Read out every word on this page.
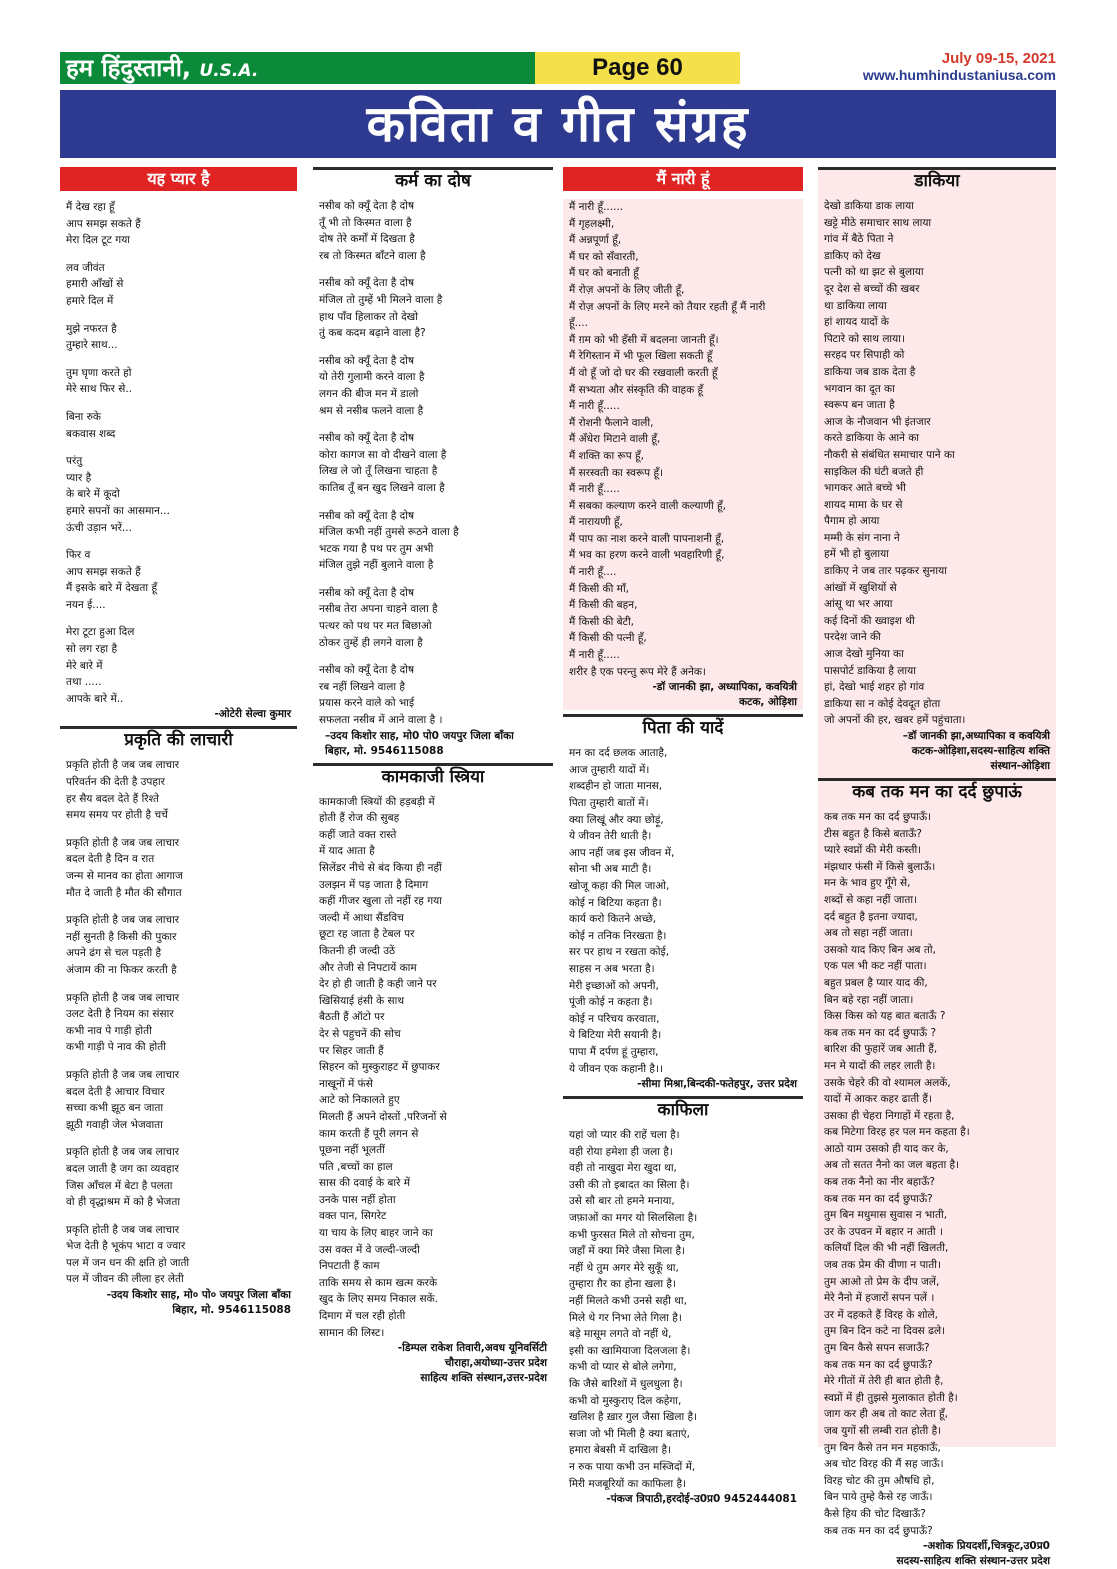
हम हिंदुस्तानी, U.S.A.	Page 60	July 09-15, 2021
www.humhindustaniusa.com
कविता व गीत संग्रह
यह प्यार है
मैं देख रहा हूँ
आप समझ सकते हैं
मेरा दिल टूट गया
लव जीवंत
हमारी आँखों से
हमारे दिल में
मुझे नफरत है
तुम्हारे साथ...
तुम घृणा करते हो
मेरे साथ फिर से..
बिना रुके
बकवास शब्द
परंतु
प्यार है
के बारे में कूदो
हमारे सपनों का आसमान...
ऊंची उड़ान भरें...
फिर व
आप समझ सकते हैं
मैं इसके बारे में देखता हूँ
नयन ई....
मेरा टूटा हुआ दिल
सो लग रहा है
मेरे बारे में
तथा .....
आपके बारे में..
-ओटेरी सेल्वा कुमार
प्रकृति की लाचारी
प्रकृति होती है जब जब लाचार
परिवर्तन की देती है उपहार
हर सैय बदल देते हैं रिश्ते
समय समय पर होती है चर्चे
प्रकृति होती है जब जब लाचार
बदल देती है दिन व रात
जन्म से मानव का होता आगाज
मौत दे जाती है मौत की सौगात
प्रकृति होती है जब जब लाचार
नहीं सुनती है किसी की पुकार
अपने ढंग से चल पड़ती है
अंजाम की ना फिकर करती है
प्रकृति होती है जब जब लाचार
उलट देती है नियम का संसार
कभी नाव पे गाड़ी होती
कभी गाड़ी पे नाव की होती
प्रकृति होती है जब जब लाचार
बदल देती है आचार विचार
सच्चा कभी झूठ बन जाता
झूठी गवाही जेल भेजवाता
प्रकृति होती है जब जब लाचार
बदल जाती है जग का व्यवहार
जिस आँचल में बेटा है पलता
वो ही वृद्धाश्रम में को है भेजता
प्रकृति होती है जब जब लाचार
भेज देती है भूकंप भाटा व ज्वार
पल में जन धन की क्षति हो जाती
पल में जीवन की लीला हर लेती
-उदय किशोर साह, मो० पो० जयपुर जिला बाँका
बिहार, मो. 9546115088
कर्म का दोष
नसीब को क्यूँ देता है दोष
तूँ भी तो किस्मत वाला है
दोष तेरे कर्मों में दिखता है
रब तो किस्मत बाँटने वाला है
नसीब को क्यूँ देता है दोष
मंजिल तो तुम्हें भी मिलने वाला है
हाथ पाँव हिलाकर तो देखो
तुं कब कदम बढ़ाने वाला है?
नसीब को क्यूँ देता है दोष
यो तेरी गुलामी करने वाला है
लगन की बीज मन में डालो
श्रम से नसीब फलने वाला है
नसीब को क्यूँ देता है दोष
कोरा कागज सा वो दीखने वाला है
लिख ले जो तूँ लिखना चाहता है
कातिब तूँ बन खुद लिखने वाला है
नसीब को क्यूँ देता है दोष
मंजिल कभी नहीं तुमसे रूठने वाला है
भटक गया है पथ पर तुम अभी
मंजिल तुझे नहीं बुलाने वाला है
नसीब को क्यूँ देता है दोष
नसीब तेरा अपना चाहने वाला है
पत्थर को पथ पर मत बिछाओ
ठोकर तुम्हें ही लगने वाला है
नसीब को क्यूँ देता है दोष
रब नहीं लिखने वाला है
प्रयास करने वाले को भाई
सफलता नसीब में आने वाला है ।
–उदय किशोर साह, मो0 पो0 जयपुर जिला बाँका
बिहार, मो. 9546115088
कामकाजी स्त्रिया
कामकाजी स्त्रियों की हड़बड़ी में
होती हैं रोज की सुबह
कहीं जाते वक्त रास्ते
में याद आता है
सिलेंडर नीचे से बंद किया ही नहीं
उलझन में पड़ जाता है दिमाग
कहीं गीजर खुला तो नहीं रह गया
जल्दी में आधा सैंडविच
छूटा रह जाता है टेबल पर
कितनी ही जल्दी उठें
और तेजी से निपटायें काम
देर हो ही जाती है कही जाने पर
खिसियाई हंसी के साथ
बैठती हैं ऑटो पर
देर से पहुचनें की सोच
पर सिहर जाती हैं
सिहरन को मुस्कुराहट में छुपाकर
नाखूनों में फंसे
आटे को निकालते हुए
मिलती हैं अपने दोस्तों ,परिजनों से
काम करती हैं पूरी लगन से
पूछना नहीं भूलतीं
पति ,बच्चों का हाल
सास की दवाई के बारे में
उनके पास नहीं होता
वक्त पान, सिगरेट
या चाय के लिए बाहर जाने का
उस वक्त में वे जल्दी-जल्दी
निपटाती हैं काम
ताकि समय से काम खत्म करके
खुद के लिए समय निकाल सकें.
दिमाग में चल रही होती
सामान की लिस्ट।
-डिम्पल राकेश तिवारी,अवध यूनिवर्सिटी
चौराहा,अयोध्या-उत्तर प्रदेश
साहित्य शक्ति संस्थान,उत्तर-प्रदेश
मैं नारी हूं
मैं नारी हूँ......
मैं गृहलक्ष्मी,
मैं अन्नपूर्णा हूँ,
मैं घर को सँवारती,
मैं घर को बनाती हूँ
मैं रोज़ अपनों के लिए जीती हूँ,
मैं रोज़ अपनों के लिए मरने को तैयार रहती हूँ मैं नारी
हूँ....
मैं ग़म को भी हँसी में बदलना जानती हूँ।
मैं रेगिस्तान में भी फूल खिला सकती हूँ
मैं वो हूँ जो दो घर की रखवाली करती हूँ
मैं सभ्यता और संस्कृति की वाहक हूँ
मैं नारी हूँ.....
मैं रोशनी फैलाने वाली,
मैं अँधेरा मिटाने वाली हूँ,
मैं शक्ति का रूप हूँ,
मैं सरस्वती का स्वरूप हूँ।
मैं नारी हूँ.....
मैं सबका कल्याण करने वाली कल्याणी हूँ,
मैं नारायणी हूँ,
मैं पाप का नाश करने वाली पापनाशनी हूँ,
मैं भव का हरण करने वाली भवहारिणी हूँ,
मैं नारी हूँ....
मैं किसी की माँ,
मैं किसी की बहन,
मैं किसी की बेटी,
मैं किसी की पत्नी हूँ,
मैं नारी हूँ.....
शरीर है एक परन्तु रूप मेरे हैं अनेक।
-डॉ जानकी झा, अध्यापिका, कवयित्री
कटक, ओड़िशा
पिता की यादें
मन का दर्द छलक आताहै,
आज तुम्हारी यादों में।
शब्दहीन हो जाता मानस,
पिता तुम्हारी बातों में।
क्या लिखूं और क्या छोड़ूं,
ये जीवन तेरी थाती है।
आप नहीं जब इस जीवन में,
सोना भी अब माटी है।
खोजू कहा की मिल जाओ,
कोई न बिटिया कहता है।
कार्य करो कितने अच्छे,
कोई न तनिक निरखता है।
सर पर हाथ न रखता कोई,
साहस न अब भरता है।
मेरी इच्छाओं को अपनी,
पूंजी कोई न कहता है।
कोई न परिचय करवाता,
ये बिटिया मेरी सयानी है।
पापा मैं दर्पण हूं तुम्हारा,
ये जीवन एक कहानी है।।
-सीमा मिश्रा,बिन्दकी-फतेहपुर, उत्तर प्रदेश
काफिला
यहां जो प्यार की राहें चला है।
वही रोया हमेशा ही जला है।
वही तो नाखुदा मेरा खुदा था,
उसी की तो इबादत का सिला है।
उसे सौ बार तो हमने मनाया,
जफ़ाओं का मगर यो सिलसिला है।
कभी फुरसत मिले तो सोचना तुम,
जहाँ में क्या मिरे जैसा मिला है।
नहीं थे तुम अगर मेरे सुकूँ था,
तुम्हारा ग़ैर का होना खला है।
नहीं मिलते कभी उनसे सही था,
मिले थे गर निभा लेते गिला है।
बड़े मासूम लगते वो नहीं थे,
इसी का खामियाजा दिलजला है।
कभी वो प्यार से बोले लगेगा,
कि जैसे बारिशों में धुलधुला है।
कभी वो मुस्कुराए दिल कहेगा,
खलिश है ख़ार गुल जैसा खिला है।
सजा जो भी मिली है क्या बताएं,
हमारा बेबसी में दाखिला है।
न रुक पाया कभी उन मस्जिदों में,
मिरी मजबूरियों का काफिला है।
-पंकज त्रिपाठी,हरदोई-उ0प्र0 9452444081
डाकिया
देखो डाकिया डाक लाया
खट्टे मीठे समाचार साथ लाया
गांव में बैठे पिता ने
डाकिए को देख
पत्नी को था झट से बुलाया
दूर देश से बच्चों की खबर
था डाकिया लाया
हां शायद यादों के
पिटारे को साथ लाया।
सरहद पर सिपाही को
डाकिया जब डाक देता है
भगवान का दूत का
स्वरूप बन जाता है
आज के नौजवान भी इंतजार
करते डाकिया के आने का
नौकरी से संबंधित समाचार पाने का
साइकिल की घंटी बजते ही
भागकर आते बच्चे भी
शायद मामा के घर से
पैगाम हो आया
मम्मी के संग नाना ने
हमें भी हो बुलाया
डाकिए ने जब तार पढ़कर सुनाया
आंखों में खुशियों से
आंसू था भर आया
कई दिनों की ख्वाइश थी
परदेश जाने की
आज देखो मुनिया का
पासपोर्ट डाकिया है लाया
हां, देखो भाई शहर हो गांव
डाकिया सा न कोई देवदूत होता
जो अपनों की हर, खबर हमें पहुंचाता।
–डॉ जानकी झा,अध्यापिका व कवयित्री
कटक-ओड़िशा,सदस्य-साहित्य शक्ति
संस्थान-ओड़िशा
कब तक मन का दर्द छुपाऊं
कब तक मन का दर्द छुपाऊँ।
टीस बहुत है किसे बताऊँ?
प्यारे स्वप्नों की मेरी कस्ती।
मंझधार फंसी में किसे बुलाऊँ।
मन के भाव हुए गूँगे से,
शब्दों से कहा नहीं जाता।
दर्द बहुत है इतना ज्यादा,
अब तो सहा नहीं जाता।
उसको याद किए बिन अब तो,
एक पल भी कट नहीं पाता।
बहुत प्रबल है प्यार याद की,
बिन बहे रहा नहीं जाता।
किस किस को यह बात बताऊँ ?
कब तक मन का दर्द छुपाऊँ ?
बारिश की फुहारें जब आती हैं,
मन मे यादों की लहर लाती है।
उसके चेहरे की वो श्यामल अलकें,
यादों में आकर कहर ढाती हैं।
उसका ही चेहरा निगाहों में रहता है,
कब मिटेगा विरह हर पल मन कहता है।
आठो याम उसको ही याद कर के,
अब तो सतत नैनो का जल बहता है।
कब तक नैनो का नीर बहाऊँ?
कब तक मन का दर्द छुपाऊँ?
तुम बिन मधुमास सुवास न भाती,
उर के उपवन में बहार न आती ।
कलियाँ दिल की भी नहीं खिलती,
जब तक प्रेम की वीणा न पाती।
तुम आओ तो प्रेम के दीप जलें,
मेरे नैनो में हजारों सपन पलें ।
उर में दहकते हैं विरह के शोले,
तुम बिन दिन कटे ना दिवस ढले।
तुम बिन कैसे सपन सजाऊँ?
कब तक मन का दर्द छुपाऊँ?
मेरे गीतों में तेरी ही बात होती है,
स्वप्नों में ही तुझसे मुलाकात होती है।
जाग कर ही अब तो काट लेता हूँ,
जब युगों सी लम्बी रात होती है।
तुम बिन कैसे तन मन महकाऊँ,
अब चोट विरह की मैं सह जाऊँ।
विरह चोट की तुम औषधि हो,
बिन पाये तुम्हे कैसे रह जाऊँ।
कैसे हिय की चोट दिखाऊँ?
कब तक मन का दर्द छुपाऊँ?
-अशोक प्रियदर्शी,चित्रकूट,उ0प्र0
सदस्य-साहित्य शक्ति संस्थान-उत्तर प्रदेश
